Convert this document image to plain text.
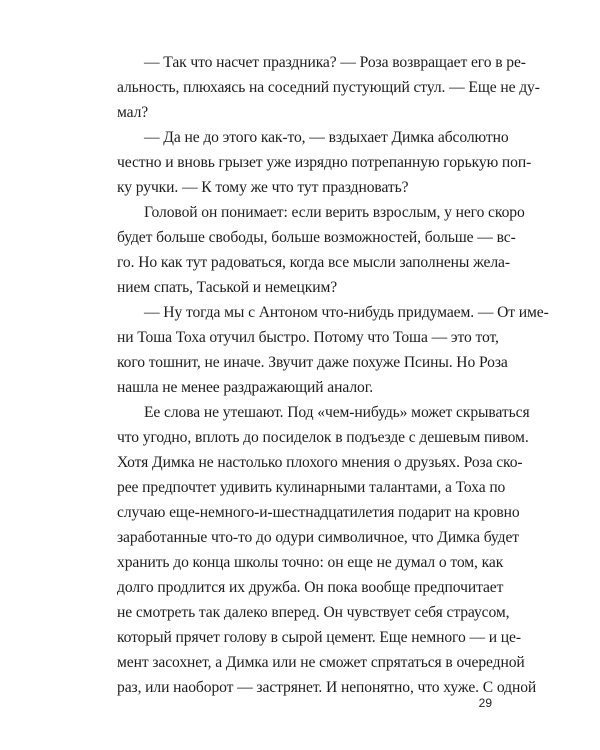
— Так что насчет праздника? — Роза возвращает его в ре-
альность, плюхаясь на соседний пустующий стул. — Еще не ду-
мал?
— Да не до этого как-то, — вздыхает Димка абсолютно
честно и вновь грызет уже изрядно потрепанную горькую поп-
ку ручки. — К тому же что тут праздновать?
Головой он понимает: если верить взрослым, у него скоро
будет больше свободы, больше возможностей, больше — вс-
го. Но как тут радоваться, когда все мысли заполнены жела-
нием спать, Таськой и немецким?
— Ну тогда мы с Антоном что-нибудь придумаем. — От име-
ни Тоша Тоха отучил быстро. Потому что Тоша — это тот,
кого тошнит, не иначе. Звучит даже похуже Псины. Но Роза
нашла не менее раздражающий аналог.
Ее слова не утешают. Под «чем-нибудь» может скрываться
что угодно, вплоть до посиделок в подъезде с дешевым пивом.
Хотя Димка не настолько плохого мнения о друзьях. Роза ско-
рее предпочтет удивить кулинарными талантами, а Тоха по
случаю еще-немного-и-шестнадцатилетия подарит на кровно
заработанные что-то до одури символичное, что Димка будет
хранить до конца школы точно: он еще не думал о том, как
долго продлится их дружба. Он пока вообще предпочитает
не смотреть так далеко вперед. Он чувствует себя страусом,
который прячет голову в сырой цемент. Еще немного — и це-
мент засохнет, а Димка или не сможет спрятаться в очередной
раз, или наоборот — застрянет. И непонятно, что хуже. С одной
29
